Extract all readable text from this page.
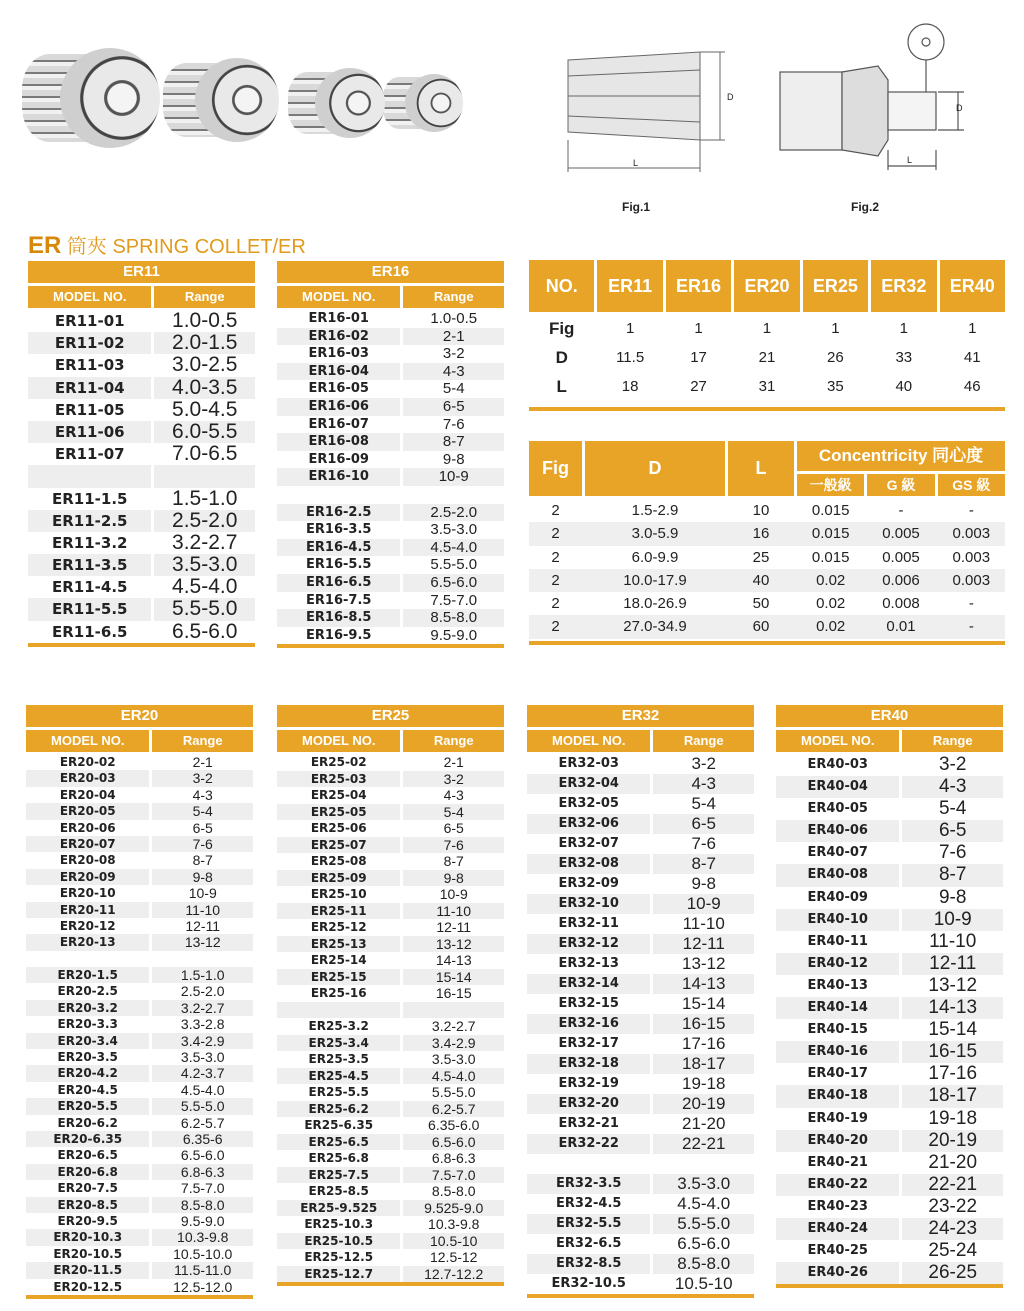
D
L
D
L
Fig.1	Fig.2
ER 筒夾 SPRING COLLET/ER
ER11
MODEL NO.	Range
ER11-01	1.0-0.5
ER11-02	2.0-1.5
ER11-03	3.0-2.5
ER11-04	4.0-3.5
ER11-05	5.0-4.5
ER11-06	6.0-5.5
ER11-07	7.0-6.5
ER11-1.5	1.5-1.0
ER11-2.5	2.5-2.0
ER11-3.2	3.2-2.7
ER11-3.5	3.5-3.0
ER11-4.5	4.5-4.0
ER11-5.5	5.5-5.0
ER11-6.5	6.5-6.0
ER16
MODEL NO.	Range
ER16-01	1.0-0.5
ER16-02	2-1
ER16-03	3-2
ER16-04	4-3
ER16-05	5-4
ER16-06	6-5
ER16-07	7-6
ER16-08	8-7
ER16-09	9-8
ER16-10	10-9
ER16-2.5	2.5-2.0
ER16-3.5	3.5-3.0
ER16-4.5	4.5-4.0
ER16-5.5	5.5-5.0
ER16-6.5	6.5-6.0
ER16-7.5	7.5-7.0
ER16-8.5	8.5-8.0
ER16-9.5	9.5-9.0
ER20
MODEL NO.	Range
ER20-02	2-1
ER20-03	3-2
ER20-04	4-3
ER20-05	5-4
ER20-06	6-5
ER20-07	7-6
ER20-08	8-7
ER20-09	9-8
ER20-10	10-9
ER20-11	11-10
ER20-12	12-11
ER20-13	13-12
ER20-1.5	1.5-1.0
ER20-2.5	2.5-2.0
ER20-3.2	3.2-2.7
ER20-3.3	3.3-2.8
ER20-3.4	3.4-2.9
ER20-3.5	3.5-3.0
ER20-4.2	4.2-3.7
ER20-4.5	4.5-4.0
ER20-5.5	5.5-5.0
ER20-6.2	6.2-5.7
ER20-6.35	6.35-6
ER20-6.5	6.5-6.0
ER20-6.8	6.8-6.3
ER20-7.5	7.5-7.0
ER20-8.5	8.5-8.0
ER20-9.5	9.5-9.0
ER20-10.3	10.3-9.8
ER20-10.5	10.5-10.0
ER20-11.5	11.5-11.0
ER20-12.5	12.5-12.0
ER25
MODEL NO.	Range
ER25-02	2-1
ER25-03	3-2
ER25-04	4-3
ER25-05	5-4
ER25-06	6-5
ER25-07	7-6
ER25-08	8-7
ER25-09	9-8
ER25-10	10-9
ER25-11	11-10
ER25-12	12-11
ER25-13	13-12
ER25-14	14-13
ER25-15	15-14
ER25-16	16-15
ER25-3.2	3.2-2.7
ER25-3.4	3.4-2.9
ER25-3.5	3.5-3.0
ER25-4.5	4.5-4.0
ER25-5.5	5.5-5.0
ER25-6.2	6.2-5.7
ER25-6.35	6.35-6.0
ER25-6.5	6.5-6.0
ER25-6.8	6.8-6.3
ER25-7.5	7.5-7.0
ER25-8.5	8.5-8.0
ER25-9.525	9.525-9.0
ER25-10.3	10.3-9.8
ER25-10.5	10.5-10
ER25-12.5	12.5-12
ER25-12.7	12.7-12.2
ER32
MODEL NO.	Range
ER32-03	3-2
ER32-04	4-3
ER32-05	5-4
ER32-06	6-5
ER32-07	7-6
ER32-08	8-7
ER32-09	9-8
ER32-10	10-9
ER32-11	11-10
ER32-12	12-11
ER32-13	13-12
ER32-14	14-13
ER32-15	15-14
ER32-16	16-15
ER32-17	17-16
ER32-18	18-17
ER32-19	19-18
ER32-20	20-19
ER32-21	21-20
ER32-22	22-21
ER32-3.5	3.5-3.0
ER32-4.5	4.5-4.0
ER32-5.5	5.5-5.0
ER32-6.5	6.5-6.0
ER32-8.5	8.5-8.0
ER32-10.5	10.5-10
ER40
MODEL NO.	Range
ER40-03	3-2
ER40-04	4-3
ER40-05	5-4
ER40-06	6-5
ER40-07	7-6
ER40-08	8-7
ER40-09	9-8
ER40-10	10-9
ER40-11	11-10
ER40-12	12-11
ER40-13	13-12
ER40-14	14-13
ER40-15	15-14
ER40-16	16-15
ER40-17	17-16
ER40-18	18-17
ER40-19	19-18
ER40-20	20-19
ER40-21	21-20
ER40-22	22-21
ER40-23	23-22
ER40-24	24-23
ER40-25	25-24
ER40-26	26-25
NO.	ER11	ER16	ER20	ER25	ER32	ER40
Fig	1	1	1	1	1	1
D	11.5	17	21	26	33	41
L	18	27	31	35	40	46
Fig	D	L
Concentricity 同心度
一般級	G 級	GS 級
2	1.5-2.9	10	0.015	-	-
2	3.0-5.9	16	0.015	0.005	0.003
2	6.0-9.9	25	0.015	0.005	0.003
2	10.0-17.9	40	0.02	0.006	0.003
2	18.0-26.9	50	0.02	0.008	-
2	27.0-34.9	60	0.02	0.01	-
